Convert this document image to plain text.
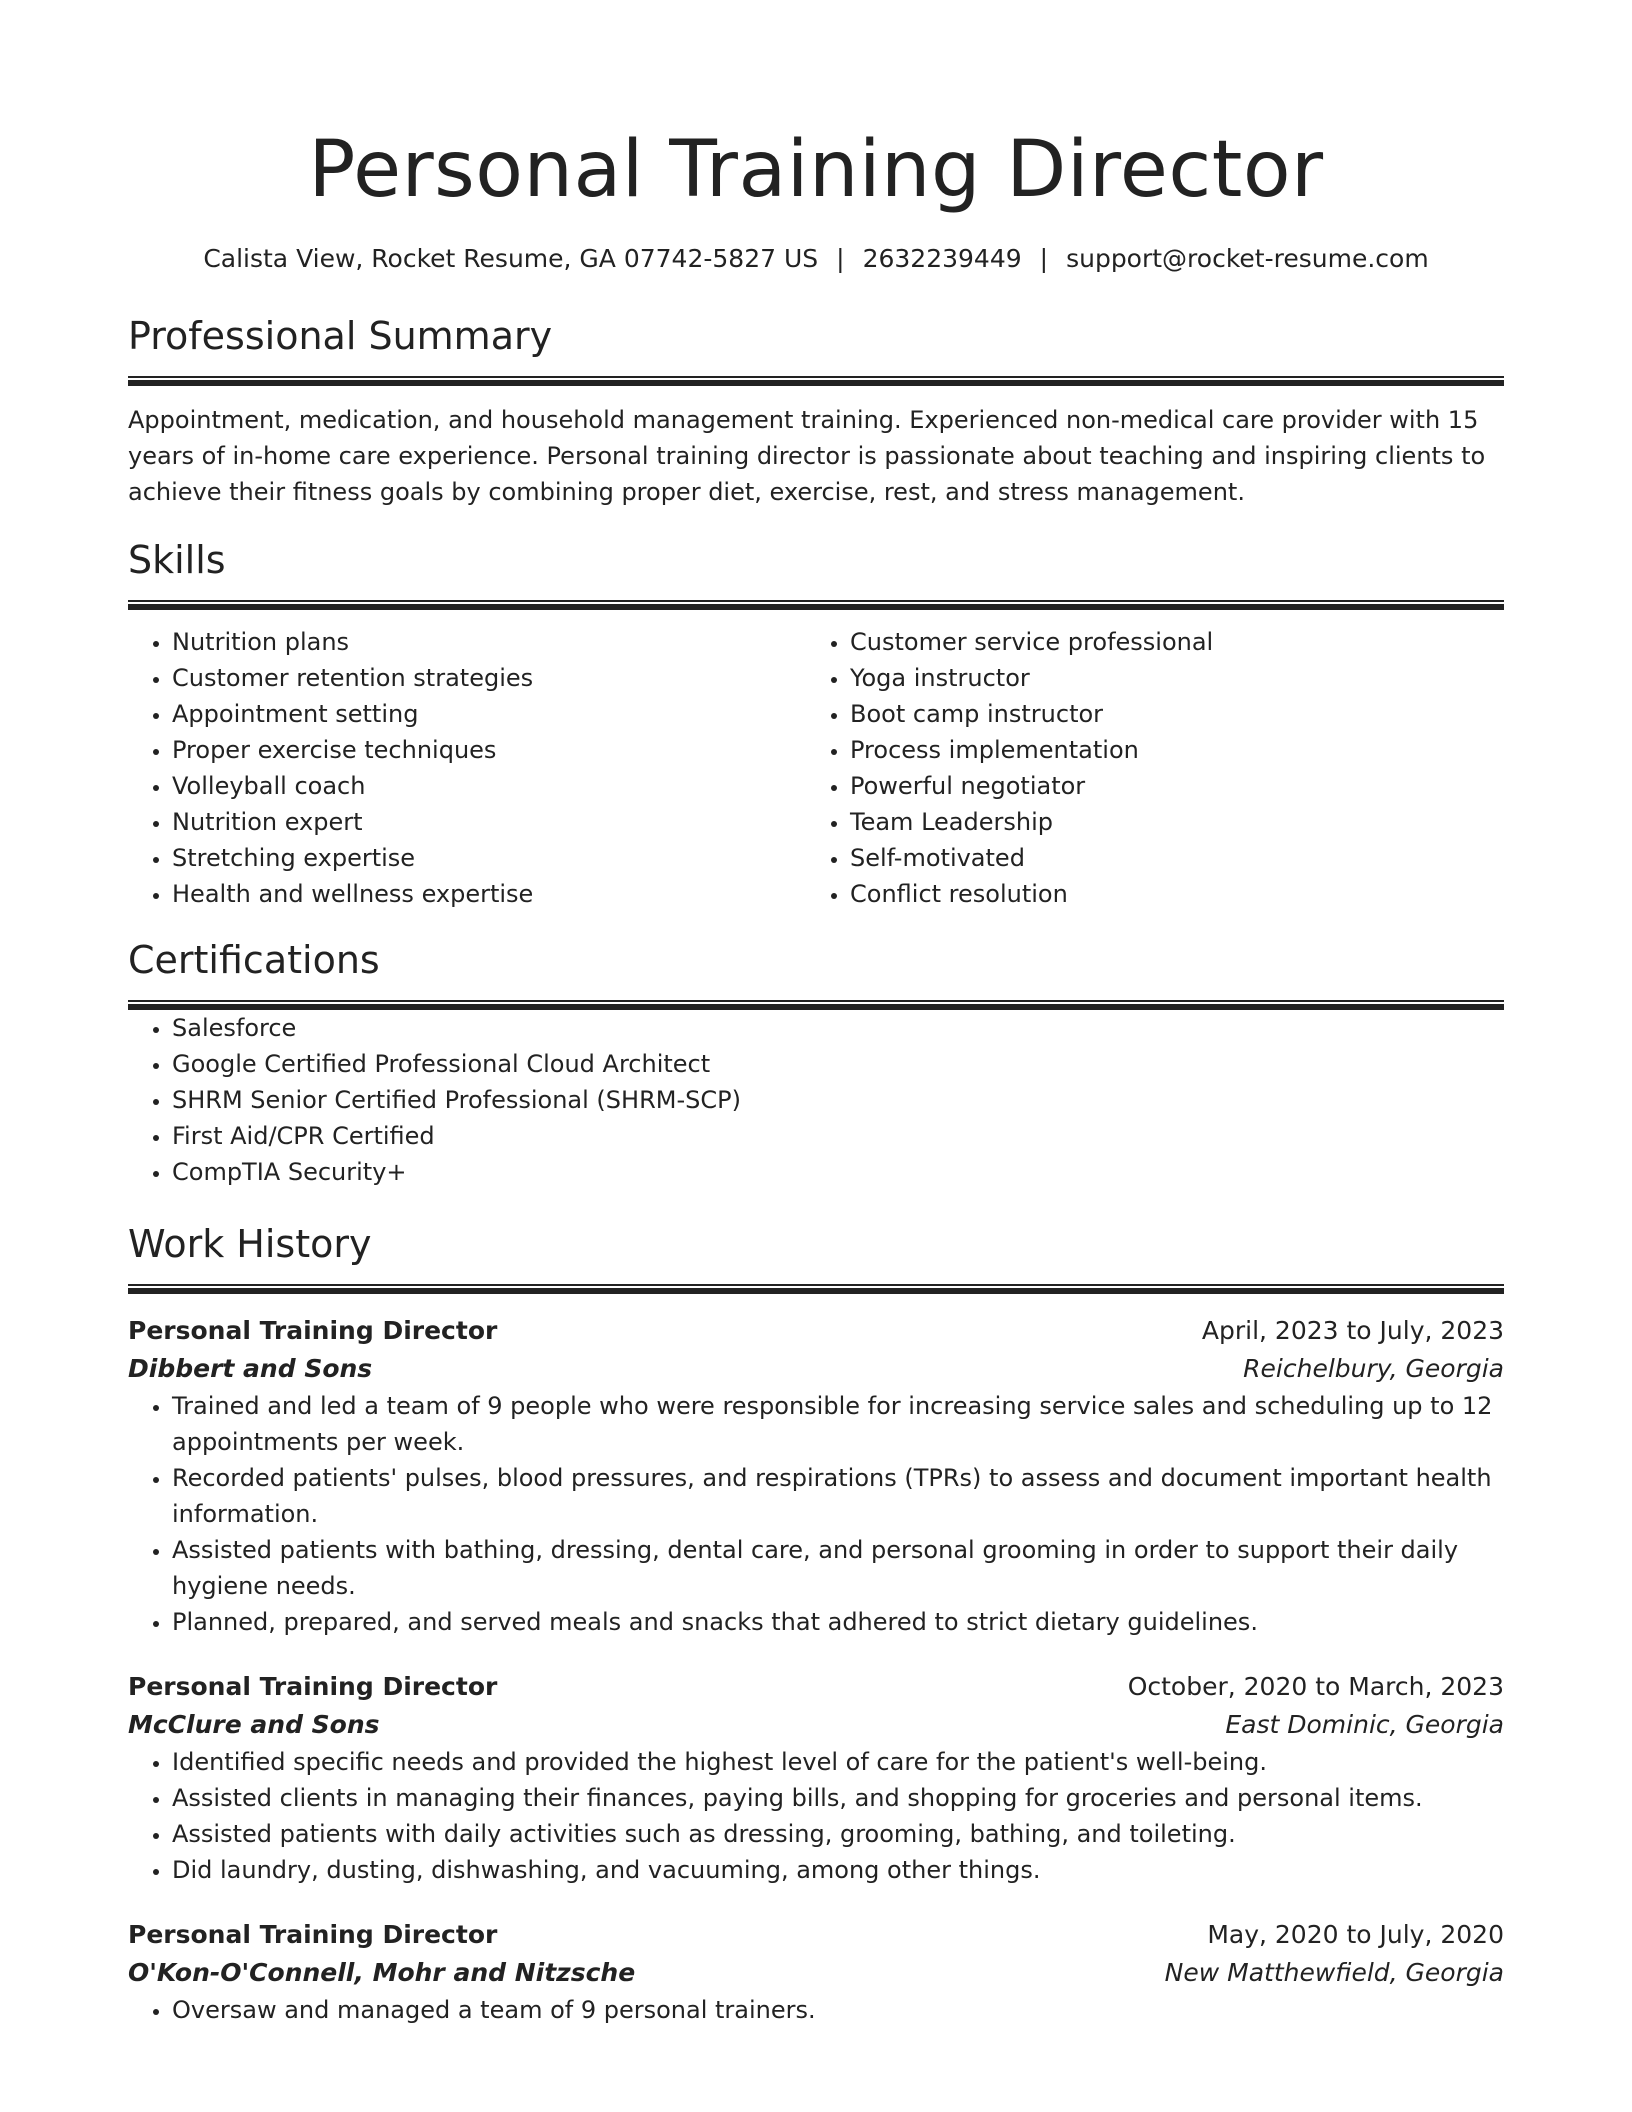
Personal Training Director
Calista View, Rocket Resume, GA 07742-5827 US | 2632239449 | support@rocket-resume.com
Professional Summary

Appointment, medication, and household management training. Experienced non-medical care provider with 15 years of in-home care experience. Personal training director is passionate about teaching and inspiring clients to achieve their fitness goals by combining proper diet, exercise, rest, and stress management.

Skills
• Nutrition plans
• Customer retention strategies
• Appointment setting
• Proper exercise techniques
• Volleyball coach
• Nutrition expert
• Stretching expertise
• Health and wellness expertise
• Customer service professional
• Yoga instructor
• Boot camp instructor
• Process implementation
• Powerful negotiator
• Team Leadership
• Self-motivated
• Conflict resolution
Certifications
• Salesforce
• Google Certified Professional Cloud Architect
• SHRM Senior Certified Professional (SHRM-SCP)
• First Aid/CPR Certified
• CompTIA Security+
Work History
Personal Training Director	April, 2023 to July, 2023
Dibbert and Sons	Reichelbury, Georgia
• Trained and led a team of 9 people who were responsible for increasing service sales and scheduling up to 12 appointments per week.
• Recorded patients' pulses, blood pressures, and respirations (TPRs) to assess and document important health information.
• Assisted patients with bathing, dressing, dental care, and personal grooming in order to support their daily hygiene needs.
• Planned, prepared, and served meals and snacks that adhered to strict dietary guidelines.
Personal Training Director	October, 2020 to March, 2023
McClure and Sons	East Dominic, Georgia
• Identified specific needs and provided the highest level of care for the patient's well-being.
• Assisted clients in managing their finances, paying bills, and shopping for groceries and personal items.
• Assisted patients with daily activities such as dressing, grooming, bathing, and toileting.
• Did laundry, dusting, dishwashing, and vacuuming, among other things.
Personal Training Director	May, 2020 to July, 2020
O'Kon-O'Connell, Mohr and Nitzsche	New Matthewfield, Georgia
• Oversaw and managed a team of 9 personal trainers.
